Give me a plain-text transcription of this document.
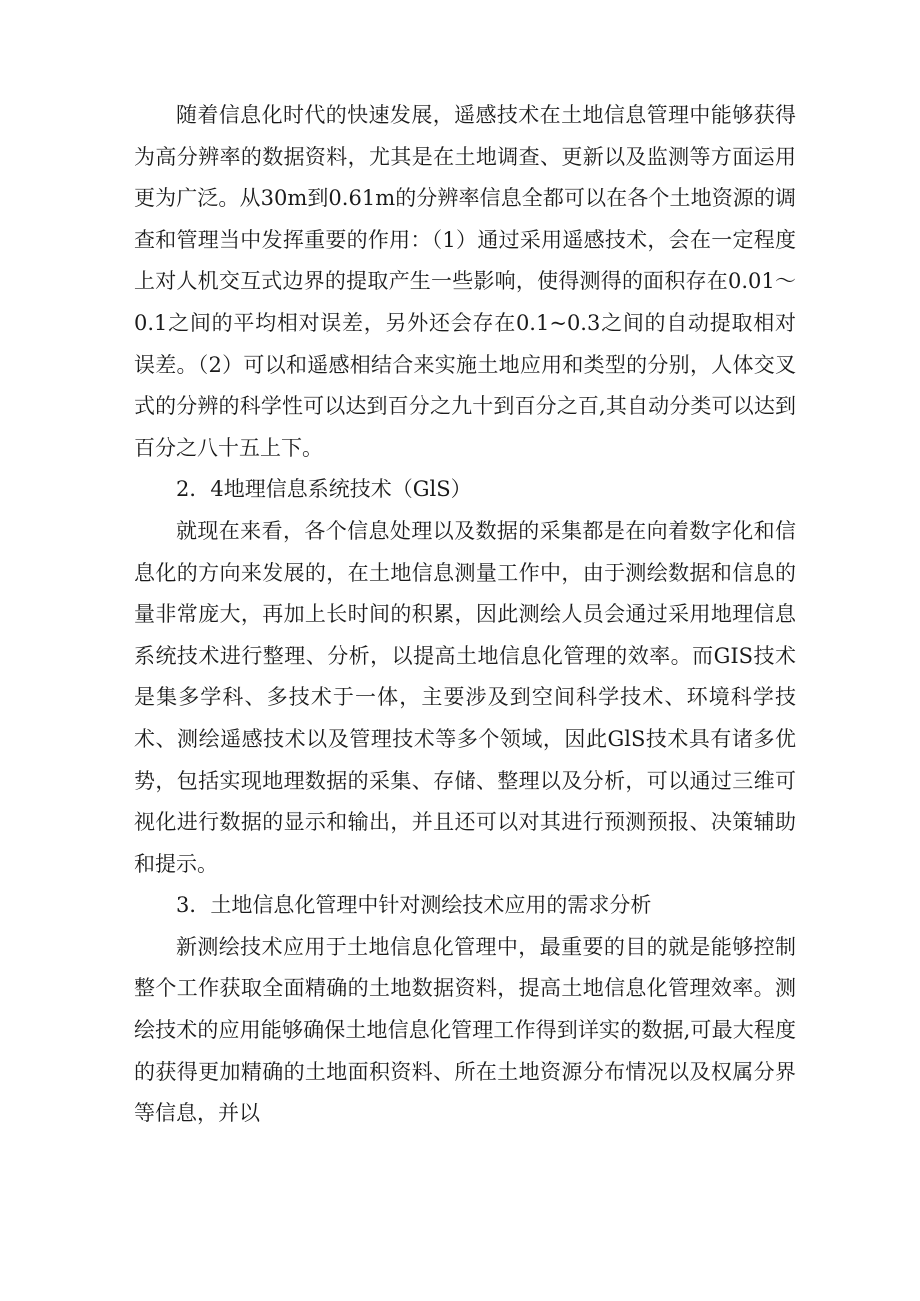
随着信息化时代的快速发展，遥感技术在土地信息管理中能够获得为高分辨率的数据资料，尤其是在土地调查、更新以及监测等方面运用更为广泛。从30m到0.61m的分辨率信息全都可以在各个土地资源的调查和管理当中发挥重要的作用：（1）通过采用遥感技术，会在一定程度上对人机交互式边界的提取产生一些影响，使得测得的面积存在0.01～0.1之间的平均相对误差，另外还会存在0.1~0.3之间的自动提取相对误差。（2）可以和遥感相结合来实施土地应用和类型的分别，人体交叉式的分辨的科学性可以达到百分之九十到百分之百,其自动分类可以达到百分之八十五上下。

2．4地理信息系统技术（GlS）

就现在来看，各个信息处理以及数据的采集都是在向着数字化和信息化的方向来发展的，在土地信息测量工作中，由于测绘数据和信息的量非常庞大，再加上长时间的积累，因此测绘人员会通过采用地理信息系统技术进行整理、分析，以提高土地信息化管理的效率。而GIS技术是集多学科、多技术于一体，主要涉及到空间科学技术、环境科学技术、测绘遥感技术以及管理技术等多个领域，因此GlS技术具有诸多优势，包括实现地理数据的采集、存储、整理以及分析，可以通过三维可视化进行数据的显示和输出，并且还可以对其进行预测预报、决策辅助和提示。

3．土地信息化管理中针对测绘技术应用的需求分析

新测绘技术应用于土地信息化管理中，最重要的目的就是能够控制整个工作获取全面精确的土地数据资料，提高土地信息化管理效率。测绘技术的应用能够确保土地信息化管理工作得到详实的数据,可最大程度的获得更加精确的土地面积资料、所在土地资源分布情况以及权属分界等信息，并以
